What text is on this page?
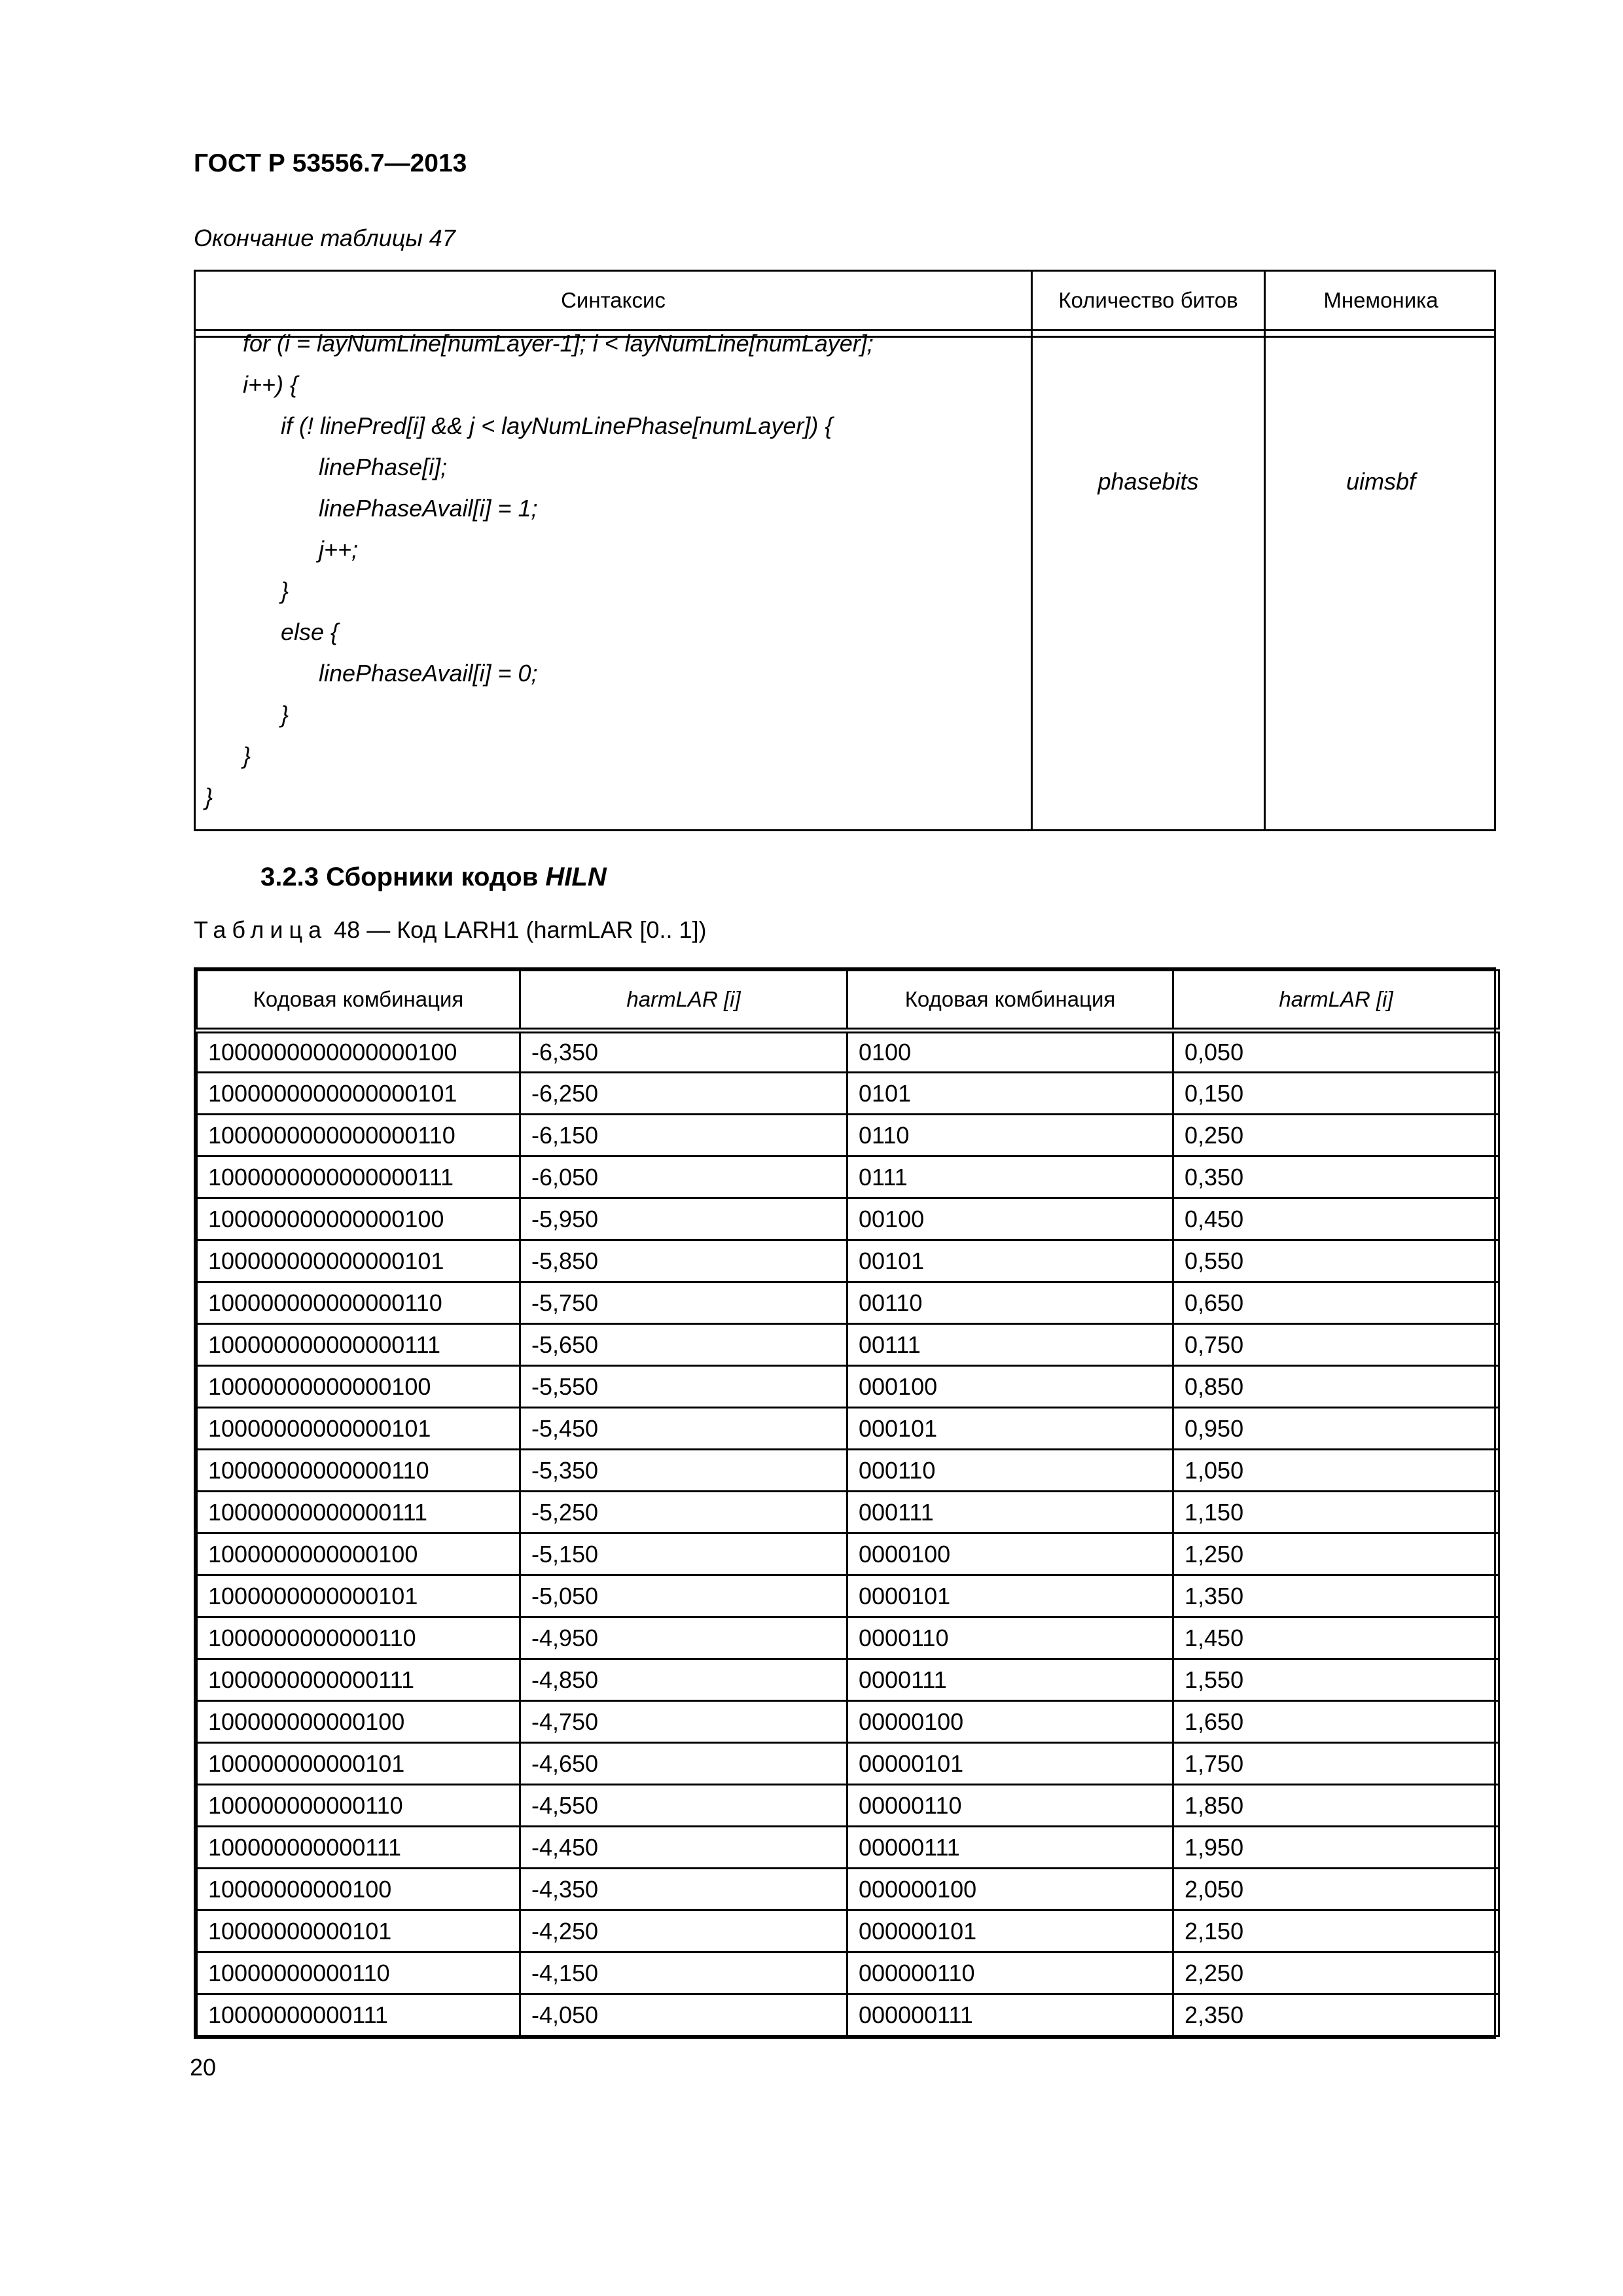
ГОСТ Р 53556.7—2013
Окончание таблицы 47
Синтаксис	Количество битов	Мнемоника
for (i = layNumLine[numLayer-1]; i < layNumLine[numLayer];
i++) {
if (! linePred[i] && j < layNumLinePhase[numLayer]) {
linePhase[i];
linePhaseAvail[i] = 1;
j++;
}
else {
linePhaseAvail[i] = 0;
}
}
}
phasebits	uimsbf
3.2.3 Сборники кодов HILN
Таблица 48 — Код LARH1 (harmLAR [0.. 1])
Кодовая комбинация	harmLAR [i]	Кодовая комбинация	harmLAR [i]
1000000000000000100	-6,350	0100	0,050
1000000000000000101	-6,250	0101	0,150
1000000000000000110	-6,150	0110	0,250
1000000000000000111	-6,050	0111	0,350
100000000000000100	-5,950	00100	0,450
100000000000000101	-5,850	00101	0,550
100000000000000110	-5,750	00110	0,650
100000000000000111	-5,650	00111	0,750
10000000000000100	-5,550	000100	0,850
10000000000000101	-5,450	000101	0,950
10000000000000110	-5,350	000110	1,050
10000000000000111	-5,250	000111	1,150
1000000000000100	-5,150	0000100	1,250
1000000000000101	-5,050	0000101	1,350
1000000000000110	-4,950	0000110	1,450
1000000000000111	-4,850	0000111	1,550
100000000000100	-4,750	00000100	1,650
100000000000101	-4,650	00000101	1,750
100000000000110	-4,550	00000110	1,850
100000000000111	-4,450	00000111	1,950
10000000000100	-4,350	000000100	2,050
10000000000101	-4,250	000000101	2,150
10000000000110	-4,150	000000110	2,250
10000000000111	-4,050	000000111	2,350
20
